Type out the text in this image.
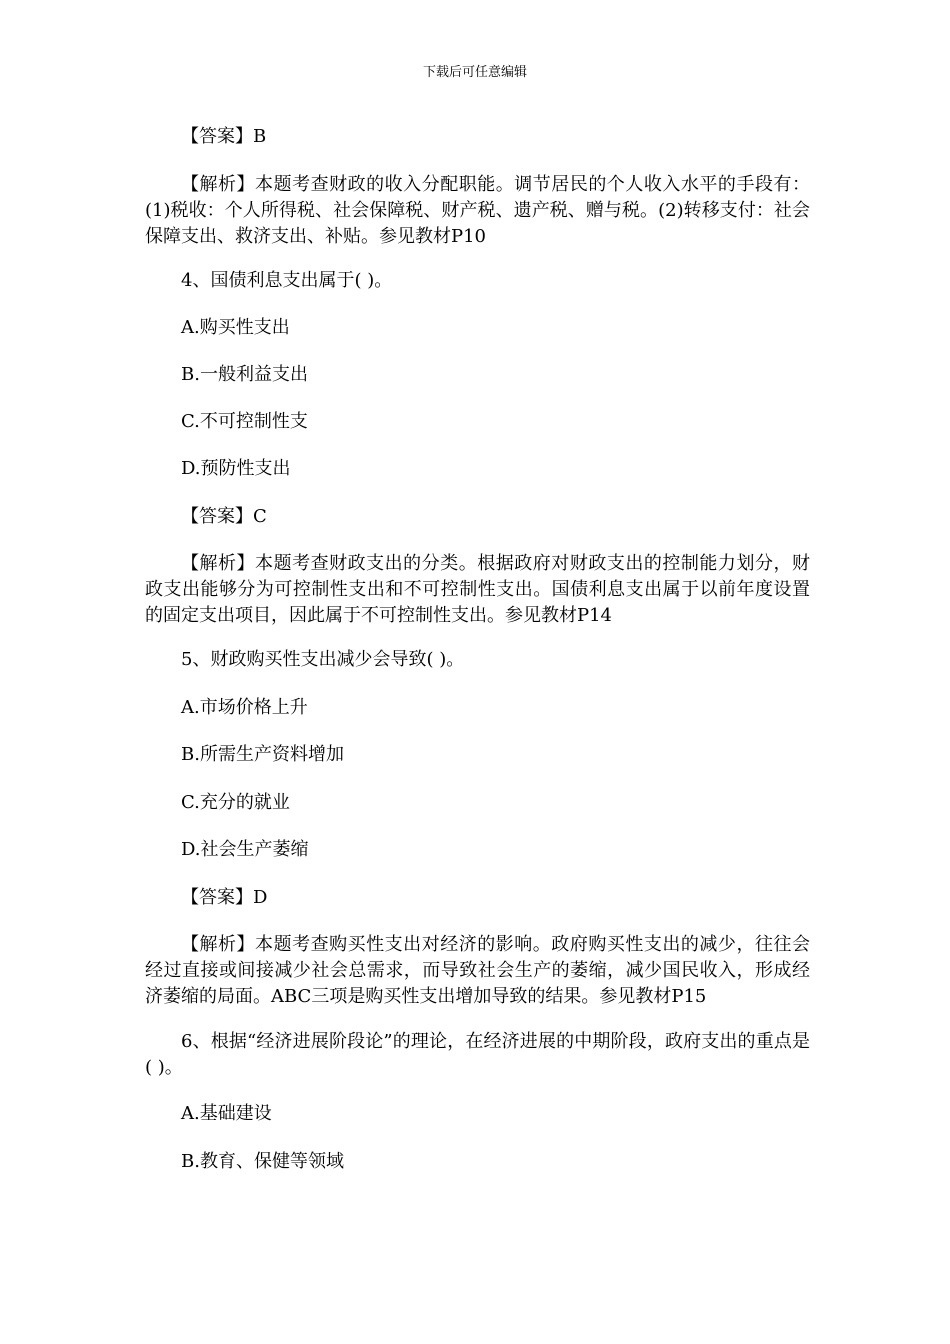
下载后可任意编辑
【答案】B
【解析】本题考查财政的收入分配职能。调节居民的个人收入水平的手段有：(1)税收：个人所得税、社会保障税、财产税、遗产税、赠与税。(2)转移支付：社会保障支出、救济支出、补贴。参见教材P10
4、国债利息支出属于( )。
A.购买性支出
B.一般利益支出
C.不可控制性支
D.预防性支出
【答案】C
【解析】本题考查财政支出的分类。根据政府对财政支出的控制能力划分，财政支出能够分为可控制性支出和不可控制性支出。国债利息支出属于以前年度设置的固定支出项目，因此属于不可控制性支出。参见教材P14
5、财政购买性支出减少会导致( )。
A.市场价格上升
B.所需生产资料增加
C.充分的就业
D.社会生产萎缩
【答案】D
【解析】本题考查购买性支出对经济的影响。政府购买性支出的减少，往往会经过直接或间接减少社会总需求，而导致社会生产的萎缩，减少国民收入，形成经济萎缩的局面。ABC三项是购买性支出增加导致的结果。参见教材P15
6、根据“经济进展阶段论”的理论，在经济进展的中期阶段，政府支出的重点是( )。
A.基础建设
B.教育、保健等领域
